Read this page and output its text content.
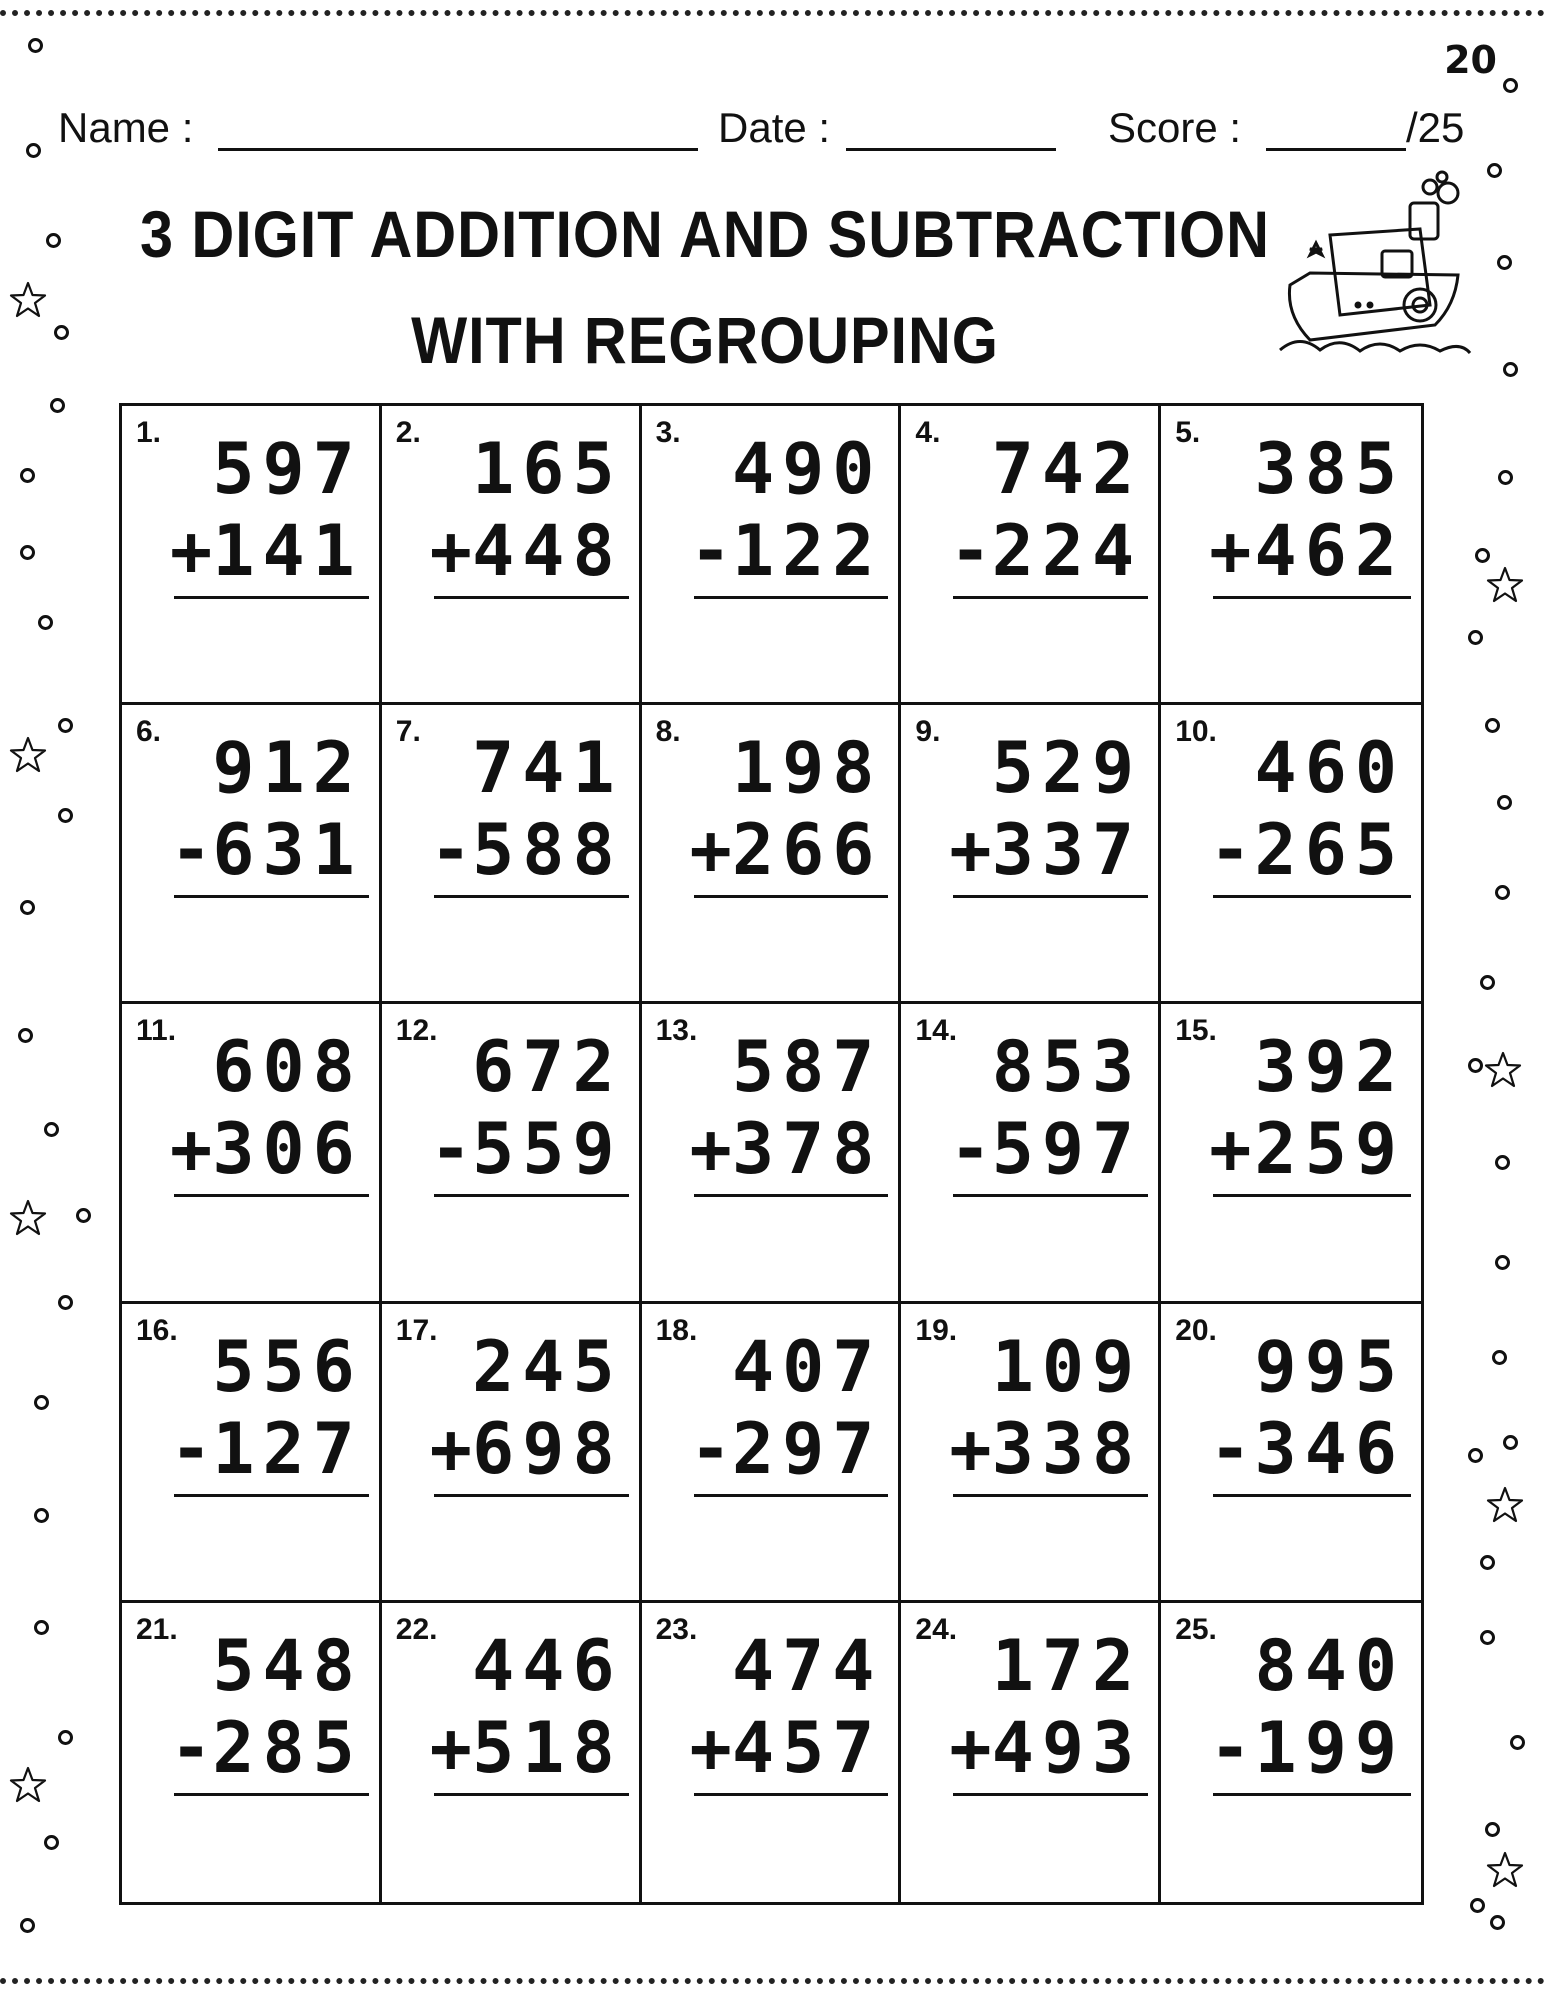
20
Name :	Date :	Score :	/25
3 DIGIT ADDITION AND SUBTRACTION
WITH REGROUPING
1. 597
+ 141
2. 165
+ 448
3. 490
- 122
4. 742
- 224
5. 385
+ 462
6. 912
- 631
7. 741
- 588
8. 198
+ 266
9. 529
+ 337
10. 460
- 265
11. 608
+ 306
12. 672
- 559
13. 587
+ 378
14. 853
- 597
15. 392
+ 259
16. 556
- 127
17. 245
+ 698
18. 407
- 297
19. 109
+ 338
20. 995
- 346
21. 548
- 285
22. 446
+ 518
23. 474
+ 457
24. 172
+ 493
25. 840
- 199
